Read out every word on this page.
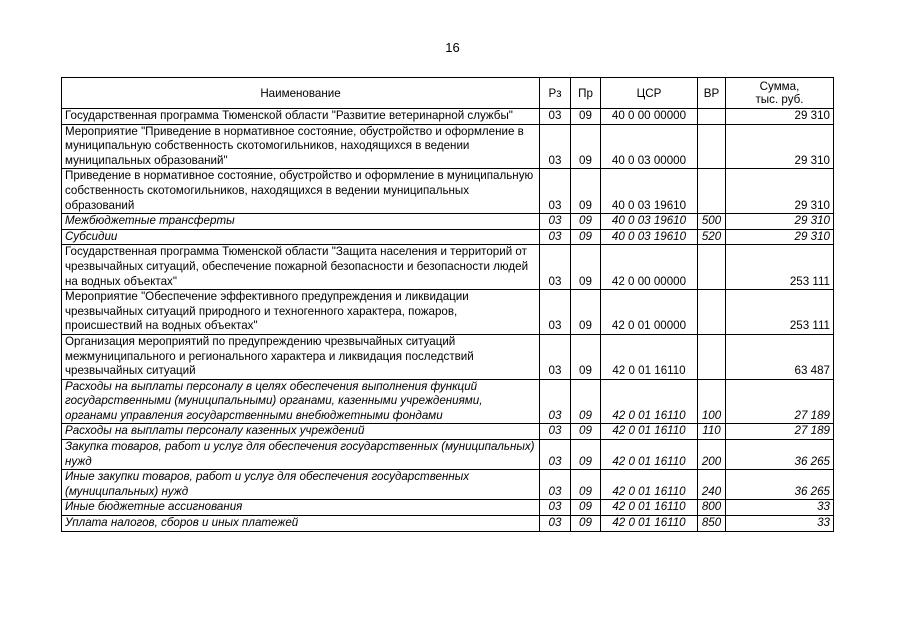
16
Наименование	Рз	Пр	ЦСР	ВР	Сумма,
тыс. руб.

Государственная программа Тюменской области "Развитие ветеринарной службы"	03	09	40 0 00 00000		29 310
Мероприятие "Приведение в нормативное состояние, обустройство и оформление в муниципальную собственность скотомогильников, находящихся в ведении муниципальных образований"	03	09	40 0 03 00000		29 310
Приведение в нормативное состояние, обустройство и оформление в муниципальную собственность скотомогильников, находящихся в ведении муниципальных образований	03	09	40 0 03 19610		29 310
Межбюджетные трансферты	03	09	40 0 03 19610	500	29 310
Субсидии	03	09	40 0 03 19610	520	29 310
Государственная программа Тюменской области "Защита населения и территорий от чрезвычайных ситуаций, обеспечение пожарной безопасности и безопасности людей на водных объектах"	03	09	42 0 00 00000		253 111
Мероприятие "Обеспечение эффективного предупреждения и ликвидации чрезвычайных ситуаций природного и техногенного характера, пожаров, происшествий на водных объектах"	03	09	42 0 01 00000		253 111
Организация мероприятий по предупреждению чрезвычайных ситуаций межмуниципального и регионального характера и ликвидация последствий чрезвычайных ситуаций	03	09	42 0 01 16110		63 487
Расходы на выплаты персоналу в целях обеспечения выполнения функций государственными (муниципальными) органами, казенными учреждениями, органами управления государственными внебюджетными фондами	03	09	42 0 01 16110	100	27 189
Расходы на выплаты персоналу казенных учреждений	03	09	42 0 01 16110	110	27 189
Закупка товаров, работ и услуг для обеспечения государственных (муниципальных) нужд	03	09	42 0 01 16110	200	36 265
Иные закупки товаров, работ и услуг для обеспечения государственных (муниципальных) нужд	03	09	42 0 01 16110	240	36 265
Иные бюджетные ассигнования	03	09	42 0 01 16110	800	33
Уплата налогов, сборов и иных платежей	03	09	42 0 01 16110	850	33
